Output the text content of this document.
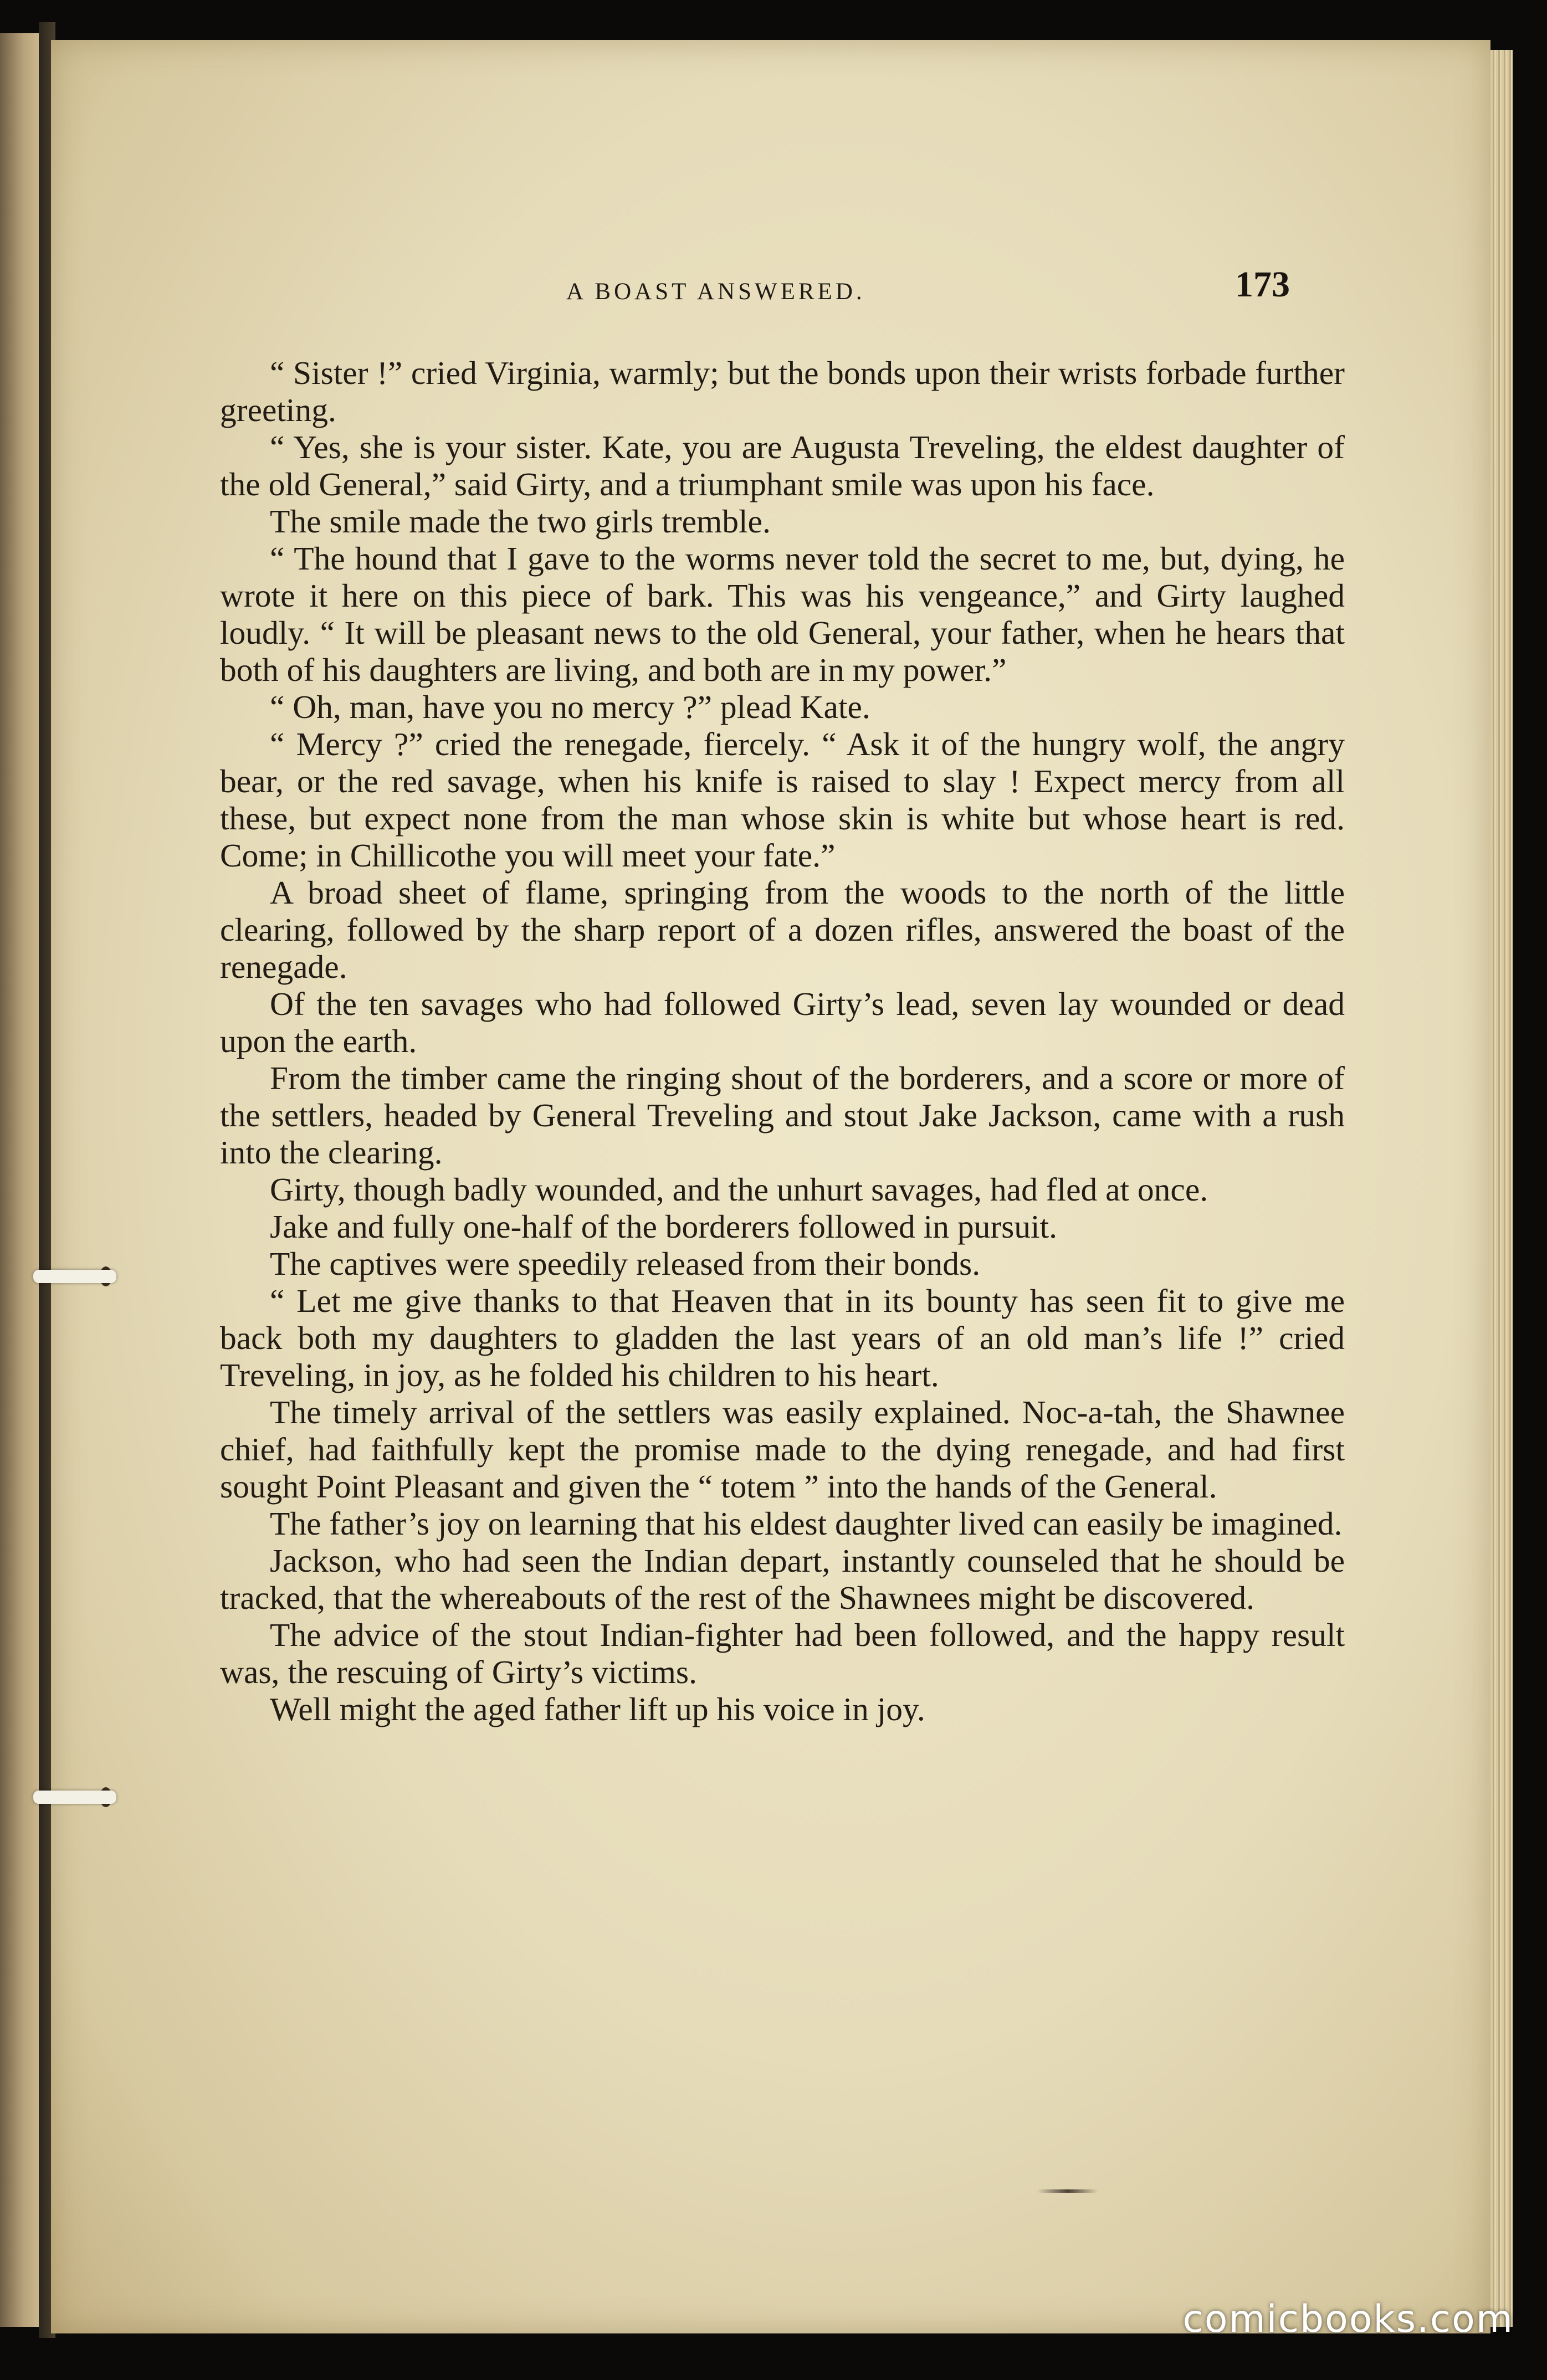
A BOAST ANSWERED.	173

“ Sister !” cried Virginia, warmly; but the bonds upon their wrists forbade further greeting.

“ Yes, she is your sister. Kate, you are Augusta Treveling, the eldest daughter of the old General,” said Girty, and a triumphant smile was upon his face.

The smile made the two girls tremble.

“ The hound that I gave to the worms never told the secret to me, but, dying, he wrote it here on this piece of bark. This was his vengeance,” and Girty laughed loudly. “ It will be pleasant news to the old General, your father, when he hears that both of his daughters are living, and both are in my power.”

“ Oh, man, have you no mercy ?” plead Kate.

“ Mercy ?” cried the renegade, fiercely. “ Ask it of the hungry wolf, the angry bear, or the red savage, when his knife is raised to slay ! Expect mercy from all these, but expect none from the man whose skin is white but whose heart is red. Come; in Chillicothe you will meet your fate.”

A broad sheet of flame, springing from the woods to the north of the little clearing, followed by the sharp report of a dozen rifles, answered the boast of the renegade.

Of the ten savages who had followed Girty’s lead, seven lay wounded or dead upon the earth.

From the timber came the ringing shout of the borderers, and a score or more of the settlers, headed by General Treveling and stout Jake Jackson, came with a rush into the clearing.

Girty, though badly wounded, and the unhurt savages, had fled at once.

Jake and fully one-half of the borderers followed in pursuit.

The captives were speedily released from their bonds.

“ Let me give thanks to that Heaven that in its bounty has seen fit to give me back both my daughters to gladden the last years of an old man’s life !” cried Treveling, in joy, as he folded his children to his heart.

The timely arrival of the settlers was easily explained. Noc-a-tah, the Shawnee chief, had faithfully kept the promise made to the dying renegade, and had first sought Point Pleasant and given the “ totem ” into the hands of the General.

The father’s joy on learning that his eldest daughter lived can easily be imagined.

Jackson, who had seen the Indian depart, instantly counseled that he should be tracked, that the whereabouts of the rest of the Shawnees might be discovered.

The advice of the stout Indian-fighter had been followed, and the happy result was, the rescuing of Girty’s victims.

Well might the aged father lift up his voice in joy.

comicbooks.com
